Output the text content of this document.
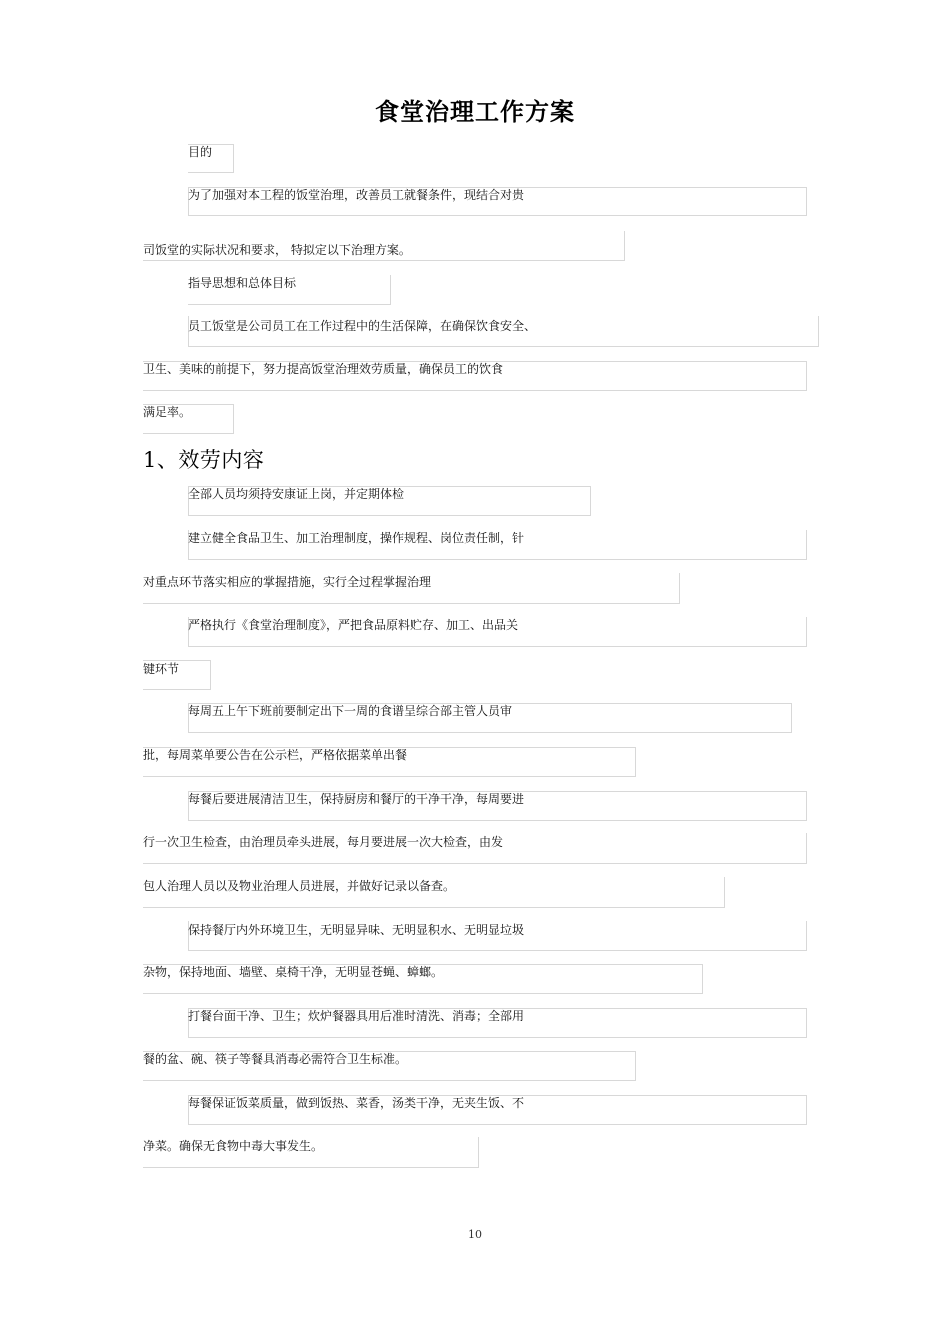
食堂治理工作方案
目的
为了加强对本工程的饭堂治理，改善员工就餐条件，现结合对贵
司饭堂的实际状况和要求， 特拟定以下治理方案。
指导思想和总体目标
员工饭堂是公司员工在工作过程中的生活保障，在确保饮食安全、
卫生、美味的前提下，努力提高饭堂治理效劳质量，确保员工的饮食
满足率。
1、效劳内容
全部人员均须持安康证上岗，并定期体检
建立健全食品卫生、加工治理制度，操作规程、岗位责任制，针
对重点环节落实相应的掌握措施，实行全过程掌握治理
严格执行《食堂治理制度》，严把食品原料贮存、加工、出品关
键环节
每周五上午下班前要制定出下一周的食谱呈综合部主管人员审
批，每周菜单要公告在公示栏，严格依据菜单出餐
每餐后要进展清洁卫生，保持厨房和餐厅的干净干净，每周要进
行一次卫生检查，由治理员牵头进展，每月要进展一次大检查，由发
包人治理人员以及物业治理人员进展，并做好记录以备查。
保持餐厅内外环境卫生，无明显异味、无明显积水、无明显垃圾
杂物，保持地面、墙壁、桌椅干净，无明显苍蝇、蟑螂。
打餐台面干净、卫生；炊炉餐器具用后准时清洗、消毒；全部用
餐的盆、碗、筷子等餐具消毒必需符合卫生标准。
每餐保证饭菜质量，做到饭热、菜香，汤类干净，无夹生饭、不
净菜。确保无食物中毒大事发生。
10
